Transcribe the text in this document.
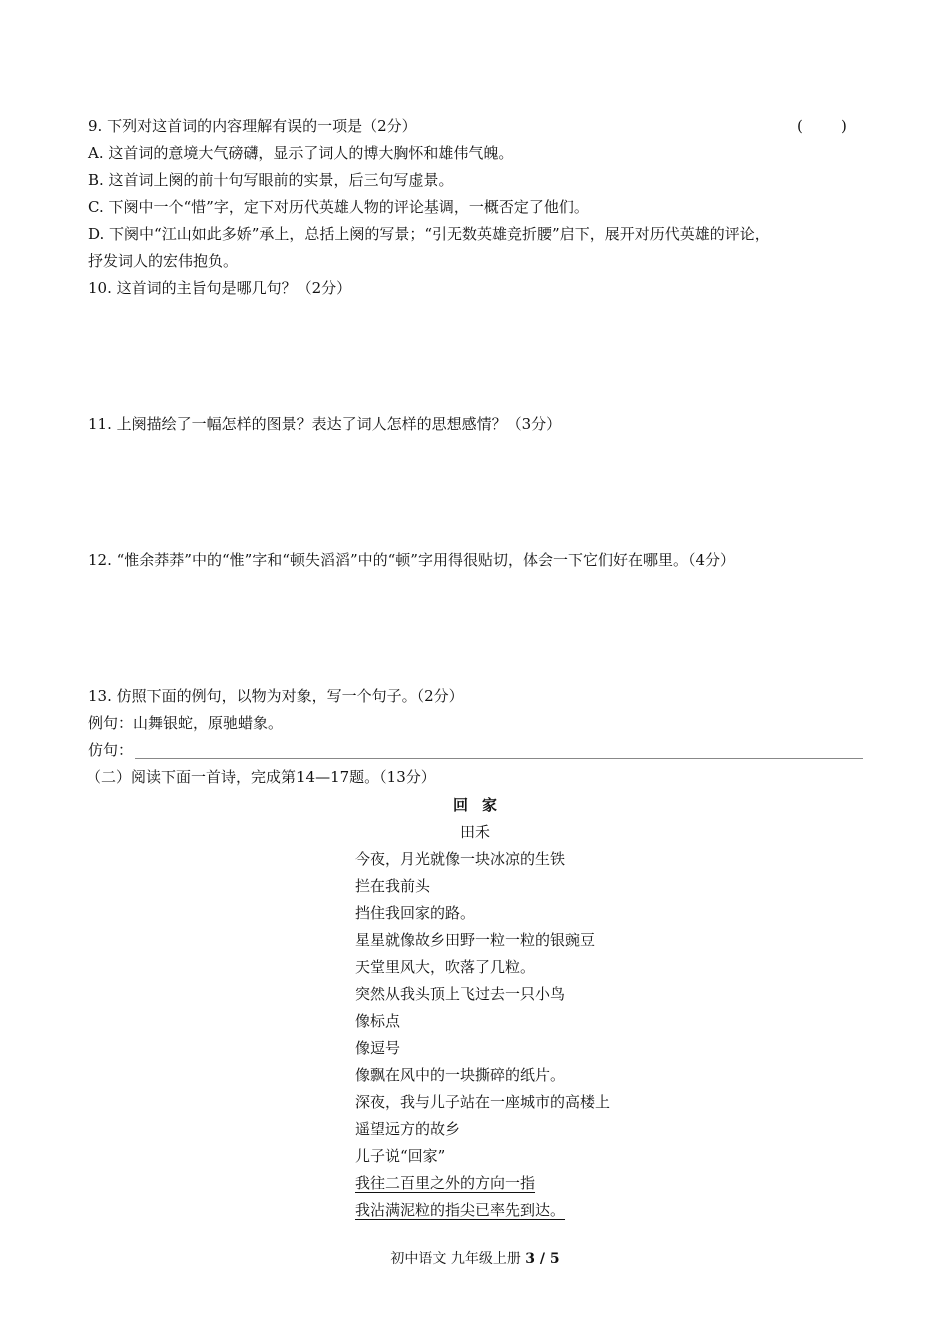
9. 下列对这首词的内容理解有误的一项是（2分）	(        )
A. 这首词的意境大气磅礴，显示了词人的博大胸怀和雄伟气魄。
B. 这首词上阕的前十句写眼前的实景，后三句写虚景。
C. 下阕中一个“惜”字，定下对历代英雄人物的评论基调，一概否定了他们。
D. 下阕中“江山如此多娇”承上，总括上阕的写景；“引无数英雄竞折腰”启下，展开对历代英雄的评论，
抒发词人的宏伟抱负。
10. 这首词的主旨句是哪几句？（2分）
11. 上阕描绘了一幅怎样的图景？表达了词人怎样的思想感情？（3分）
12. “惟余莽莽”中的“惟”字和“顿失滔滔”中的“顿”字用得很贴切，体会一下它们好在哪里。（4分）
13. 仿照下面的例句，以物为对象，写一个句子。（2分）
例句：山舞银蛇，原驰蜡象。
仿句：
（二）阅读下面一首诗，完成第14—17题。（13分）
回家
田禾
今夜，月光就像一块冰凉的生铁
拦在我前头
挡住我回家的路。
星星就像故乡田野一粒一粒的银豌豆
天堂里风大，吹落了几粒。
突然从我头顶上飞过去一只小鸟
像标点
像逗号
像飘在风中的一块撕碎的纸片。
深夜，我与儿子站在一座城市的高楼上
遥望远方的故乡
儿子说“回家”
我往二百里之外的方向一指
我沾满泥粒的指尖已率先到达。
初中语文 九年级上册 3 / 5
